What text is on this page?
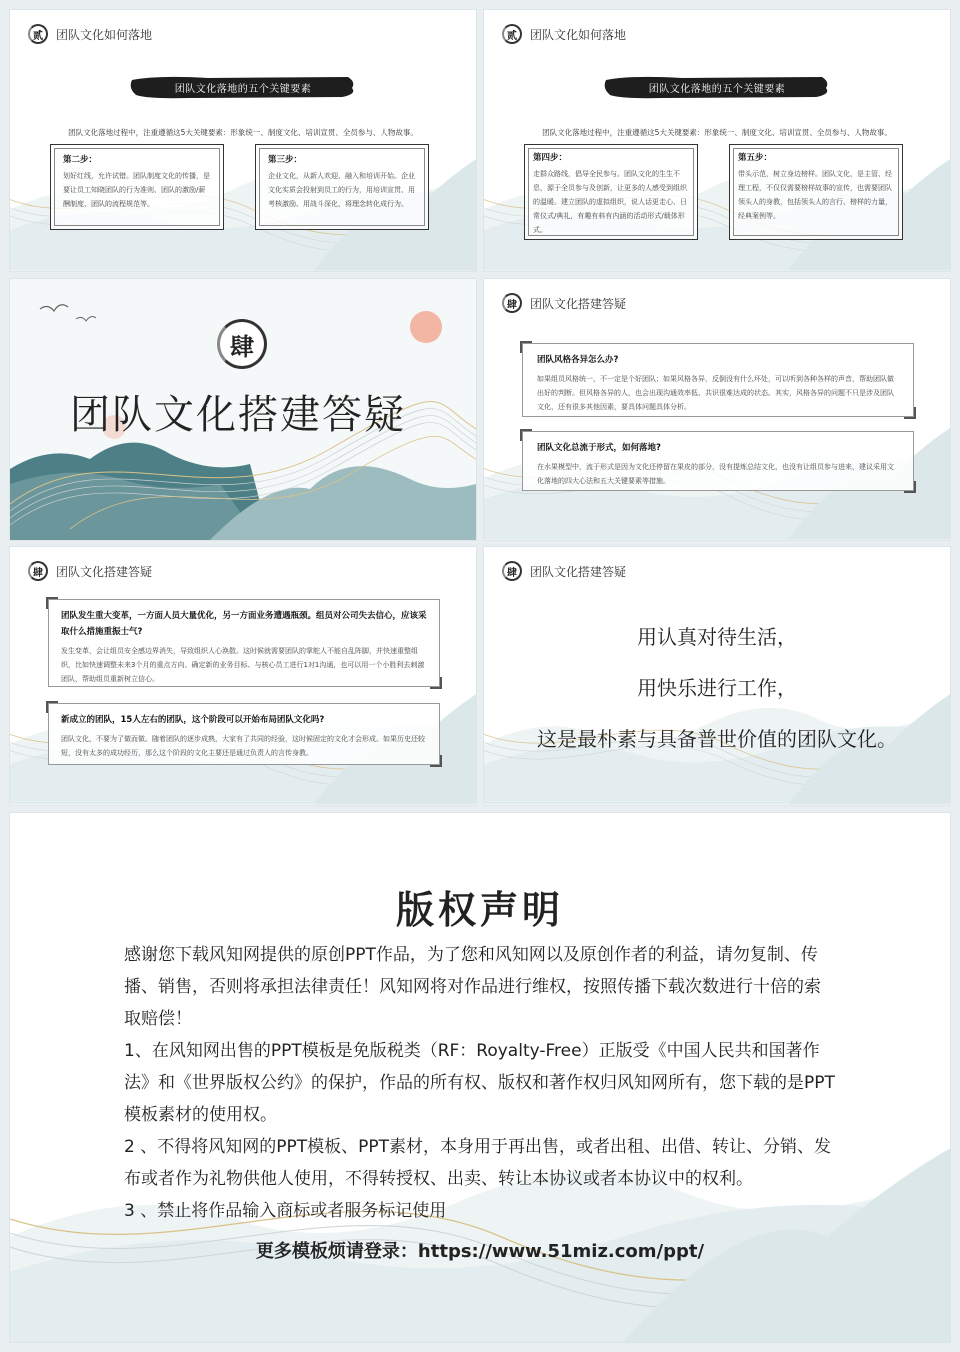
贰	团队文化如何落地
团队文化落地的五个关键要素
团队文化落地过程中，注重遵循这5大关键要素：形象统一、制度文化、培训宣贯、全员参与、人物故事。
第二步：
划好红线，允许试错。团队制度文化的传播，是要让员工知晓团队的行为准则、团队的激励/薪酬制度、团队的流程规范等。
第三步：
企业文化，从新人欢迎、融入和培训开始。企业文化实质会投射到员工的行为，用培训宣贯、用考核激励、用战斗深化，将理念转化成行为。
贰	团队文化如何落地
团队文化落地的五个关键要素
团队文化落地过程中，注重遵循这5大关键要素：形象统一、制度文化、培训宣贯、全员参与、人物故事。
第四步：
走群众路线，倡导全民参与。团队文化的生生不息，源于全员参与及创新，让更多的人感受到组织的温暖。建立团队的虚拟组织，说人话更走心、日常仪式/典礼，有趣有料有内涵的活动形式/载体形式。
第五步：
带头示范，树立身边榜样。团队文化，是主管、经理工程，不仅仅需要榜样故事的宣传，也需要团队领头人的身教，包括领头人的言行、榜样的力量，经典案例等。
肆
团队文化搭建答疑
肆	团队文化搭建答疑
团队风格各异怎么办?
如果组员风格统一，不一定是个好团队；如果风格各异，反倒没有什么坏处，可以听到各种各样的声音，帮助团队做出好的判断。但风格各异的人，也会出现沟通效率低、共识很难达成的状态。其实，风格各异的问题不只是涉及团队文化，还有很多其他因素，要具体问题具体分析。
团队文化总流于形式，如何落地?
在水果模型中，流于形式是因为文化还停留在果皮的部分，没有提炼总结文化，也没有让组员参与进来，建议采用文化落地的四大心法和五大关键要素等措施。
肆	团队文化搭建答疑
团队发生重大变革，一方面人员大量优化，另一方面业务遭遇瓶颈。组员对公司失去信心，应该采取什么措施重振士气?
发生变革，会让组员安全感边界消失，导致组织人心涣散。这时候就需要团队的掌舵人不能自乱阵脚，并快速重整组织，比如快速调整未来3个月的重点方向、确定新的业务目标、与核心员工进行1对1沟通，也可以用一个小胜利去刺激团队，帮助组员重新树立信心。
新成立的团队，15人左右的团队，这个阶段可以开始布局团队文化吗?
团队文化，不要为了做而做。随着团队的逐步成熟，大家有了共同的经验，这时候固定的文化才会形成。如果历史还较短，没有太多的成功经历，那么这个阶段的文化主要还是通过负责人的言传身教。
肆	团队文化搭建答疑
用认真对待生活，
用快乐进行工作，
这是最朴素与具备普世价值的团队文化。
版权声明
感谢您下载风知网提供的原创PPT作品，为了您和风知网以及原创作者的利益，请勿复制、传播、销售，否则将承担法律责任！风知网将对作品进行维权，按照传播下载次数进行十倍的索取赔偿！
1、在风知网出售的PPT模板是免版税类（RF：Royalty-Free）正版受《中国人民共和国著作法》和《世界版权公约》的保护，作品的所有权、版权和著作权归风知网所有，您下载的是PPT模板素材的使用权。
2 、不得将风知网的PPT模板、PPT素材，本身用于再出售，或者出租、出借、转让、分销、发布或者作为礼物供他人使用，不得转授权、出卖、转让本协议或者本协议中的权利。
3 、禁止将作品输入商标或者服务标记使用
更多模板烦请登录：https://www.51miz.com/ppt/
